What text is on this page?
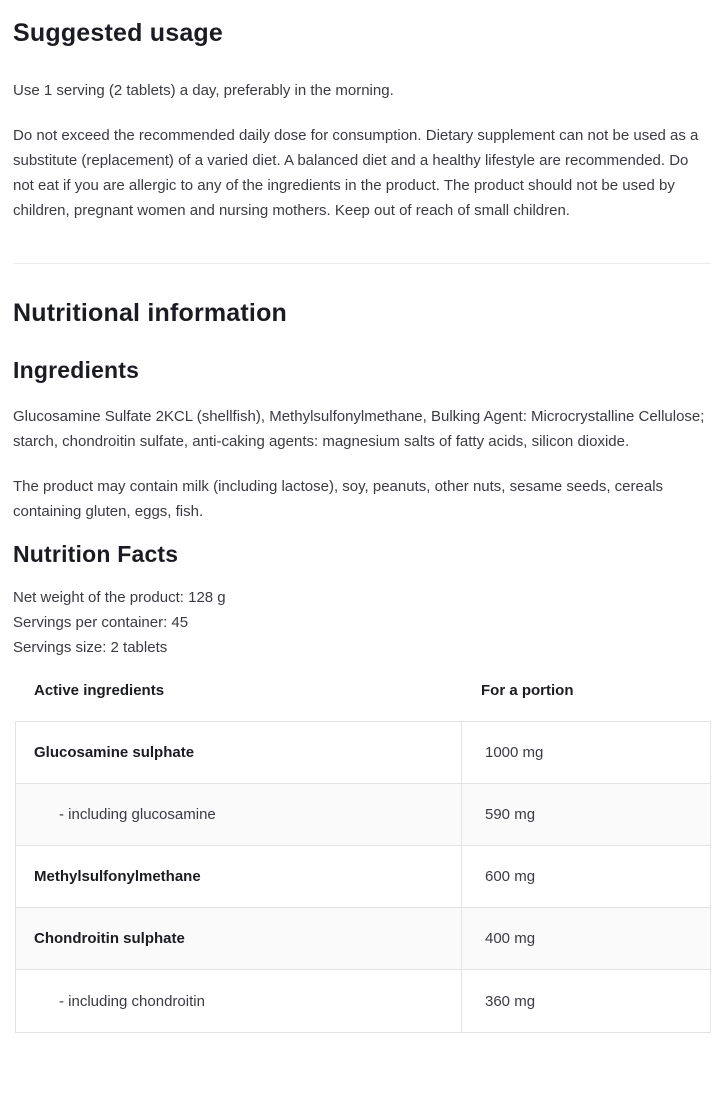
Suggested usage

Use 1 serving (2 tablets) a day, preferably in the morning.

Do not exceed the recommended daily dose for consumption. Dietary supplement can not be used as a substitute (replacement) of a varied diet. A balanced diet and a healthy lifestyle are recommended. Do not eat if you are allergic to any of the ingredients in the product. The product should not be used by children, pregnant women and nursing mothers. Keep out of reach of small children.

Nutritional information
Ingredients

Glucosamine Sulfate 2KCL (shellfish), Methylsulfonylmethane, Bulking Agent: Microcrystalline Cellulose; starch, chondroitin sulfate, anti-caking agents: magnesium salts of fatty acids, silicon dioxide.

The product may contain milk (including lactose), soy, peanuts, other nuts, sesame seeds, cereals containing gluten, eggs, fish.

Nutrition Facts
Net weight of the product: 128 g
Servings per container: 45
Servings size: 2 tablets
Active ingredients	For a portion
Glucosamine sulphate	1000 mg
- including glucosamine	590 mg
Methylsulfonylmethane	600 mg
Chondroitin sulphate	400 mg
- including chondroitin	360 mg
